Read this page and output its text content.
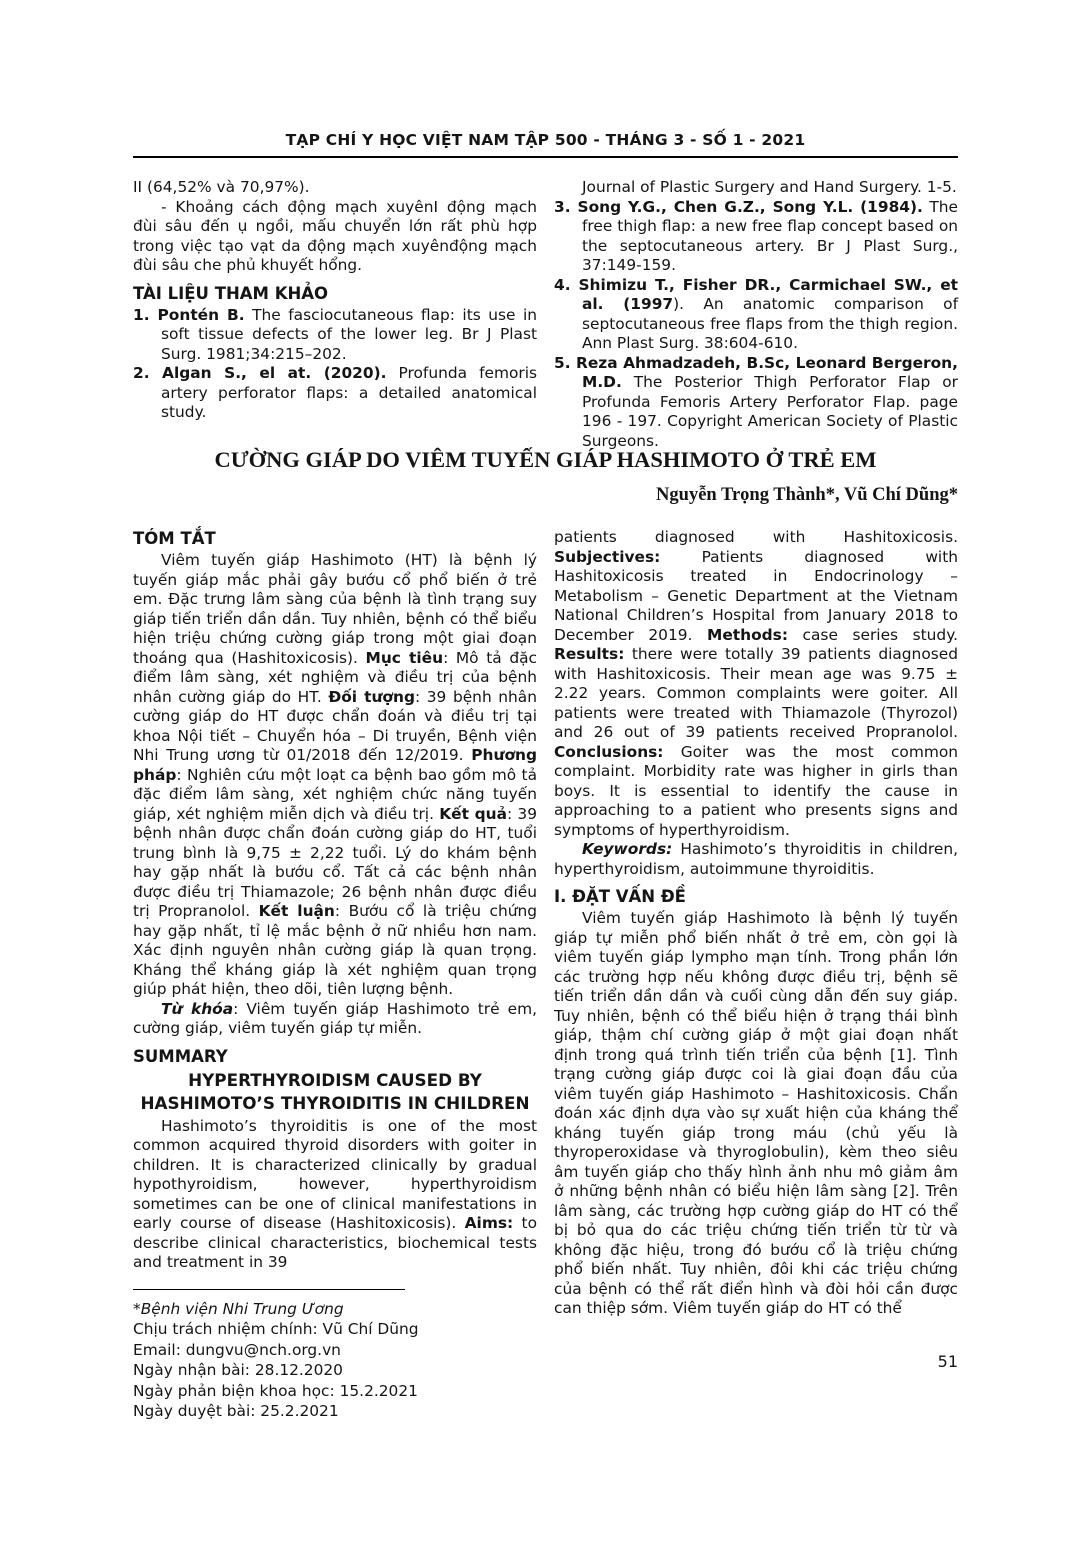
TẠP CHÍ Y HỌC VIỆT NAM TẬP 500 - THÁNG 3 - SỐ 1 - 2021

II (64,52% và 70,97%).

- Khoảng cách động mạch xuyênI động mạch đùi sâu đến ụ ngồi, mấu chuyển lớn rất phù hợp trong việc tạo vạt da động mạch xuyênđộng mạch đùi sâu che phủ khuyết hổng.

TÀI LIỆU THAM KHẢO

1. Pontén B. The fasciocutaneous flap: its use in soft tissue defects of the lower leg. Br J Plast Surg. 1981;34:215–202.

2. Algan S., el at. (2020). Profunda femoris artery perforator flaps: a detailed anatomical study.

Journal of Plastic Surgery and Hand Surgery. 1-5.

3. Song Y.G., Chen G.Z., Song Y.L. (1984). The free thigh flap: a new free flap concept based on the septocutaneous artery. Br J Plast Surg., 37:149-159.

4. Shimizu T., Fisher DR., Carmichael SW., et al. (1997). An anatomic comparison of septocutaneous free flaps from the thigh region. Ann Plast Surg. 38:604-610.

5. Reza Ahmadzadeh, B.Sc, Leonard Bergeron, M.D. The Posterior Thigh Perforator Flap or Profunda Femoris Artery Perforator Flap. page 196 - 197. Copyright American Society of Plastic Surgeons.

CƯỜNG GIÁP DO VIÊM TUYẾN GIÁP HASHIMOTO Ở TRẺ EM
Nguyễn Trọng Thành*, Vũ Chí Dũng*
TÓM TẮT

Viêm tuyến giáp Hashimoto (HT) là bệnh lý tuyến giáp mắc phải gây bướu cổ phổ biến ở trẻ em. Đặc trưng lâm sàng của bệnh là tình trạng suy giáp tiến triển dần dần. Tuy nhiên, bệnh có thể biểu hiện triệu chứng cường giáp trong một giai đoạn thoáng qua (Hashitoxicosis). Mục tiêu: Mô tả đặc điểm lâm sàng, xét nghiệm và điều trị của bệnh nhân cường giáp do HT. Đối tượng: 39 bệnh nhân cường giáp do HT được chẩn đoán và điều trị tại khoa Nội tiết – Chuyển hóa – Di truyền, Bệnh viện Nhi Trung ương từ 01/2018 đến 12/2019. Phương pháp: Nghiên cứu một loạt ca bệnh bao gồm mô tả đặc điểm lâm sàng, xét nghiệm chức năng tuyến giáp, xét nghiệm miễn dịch và điều trị. Kết quả: 39 bệnh nhân được chẩn đoán cường giáp do HT, tuổi trung bình là 9,75 ± 2,22 tuổi. Lý do khám bệnh hay gặp nhất là bướu cổ. Tất cả các bệnh nhân được điều trị Thiamazole; 26 bệnh nhân được điều trị Propranolol. Kết luận: Bướu cổ là triệu chứng hay gặp nhất, tỉ lệ mắc bệnh ở nữ nhiều hơn nam. Xác định nguyên nhân cường giáp là quan trọng. Kháng thể kháng giáp là xét nghiệm quan trọng giúp phát hiện, theo dõi, tiên lượng bệnh.

Từ khóa: Viêm tuyến giáp Hashimoto trẻ em, cường giáp, viêm tuyến giáp tự miễn.

SUMMARY
HYPERTHYROIDISM CAUSED BY HASHIMOTO’S THYROIDITIS IN CHILDREN

Hashimoto’s thyroiditis is one of the most common acquired thyroid disorders with goiter in children. It is characterized clinically by gradual hypothyroidism, however, hyperthyroidism sometimes can be one of clinical manifestations in early course of disease (Hashitoxicosis). Aims: to describe clinical characteristics, biochemical tests and treatment in 39

*Bệnh viện Nhi Trung Ương
Chịu trách nhiệm chính: Vũ Chí Dũng
Email: dungvu@nch.org.vn
Ngày nhận bài: 28.12.2020
Ngày phản biện khoa học: 15.2.2021
Ngày duyệt bài: 25.2.2021

patients diagnosed with Hashitoxicosis. Subjectives: Patients diagnosed with Hashitoxicosis treated in Endocrinology – Metabolism – Genetic Department at the Vietnam National Children’s Hospital from January 2018 to December 2019. Methods: case series study. Results: there were totally 39 patients diagnosed with Hashitoxicosis. Their mean age was 9.75 ± 2.22 years. Common complaints were goiter. All patients were treated with Thiamazole (Thyrozol) and 26 out of 39 patients received Propranolol. Conclusions: Goiter was the most common complaint. Morbidity rate was higher in girls than boys. It is essential to identify the cause in approaching to a patient who presents signs and symptoms of hyperthyroidism.

Keywords: Hashimoto’s thyroiditis in children, hyperthyroidism, autoimmune thyroiditis.

I. ĐẶT VẤN ĐỀ

Viêm tuyến giáp Hashimoto là bệnh lý tuyến giáp tự miễn phổ biến nhất ở trẻ em, còn gọi là viêm tuyến giáp lympho mạn tính. Trong phần lớn các trường hợp nếu không được điều trị, bệnh sẽ tiến triển dần dần và cuối cùng dẫn đến suy giáp. Tuy nhiên, bệnh có thể biểu hiện ở trạng thái bình giáp, thậm chí cường giáp ở một giai đoạn nhất định trong quá trình tiến triển của bệnh [1]. Tình trạng cường giáp được coi là giai đoạn đầu của viêm tuyến giáp Hashimoto – Hashitoxicosis. Chẩn đoán xác định dựa vào sự xuất hiện của kháng thể kháng tuyến giáp trong máu (chủ yếu là thyroperoxidase và thyroglobulin), kèm theo siêu âm tuyến giáp cho thấy hình ảnh nhu mô giảm âm ở những bệnh nhân có biểu hiện lâm sàng [2]. Trên lâm sàng, các trường hợp cường giáp do HT có thể bị bỏ qua do các triệu chứng tiến triển từ từ và không đặc hiệu, trong đó bướu cổ là triệu chứng phổ biến nhất. Tuy nhiên, đôi khi các triệu chứng của bệnh có thể rất điển hình và đòi hỏi cần được can thiệp sớm. Viêm tuyến giáp do HT có thể

51
